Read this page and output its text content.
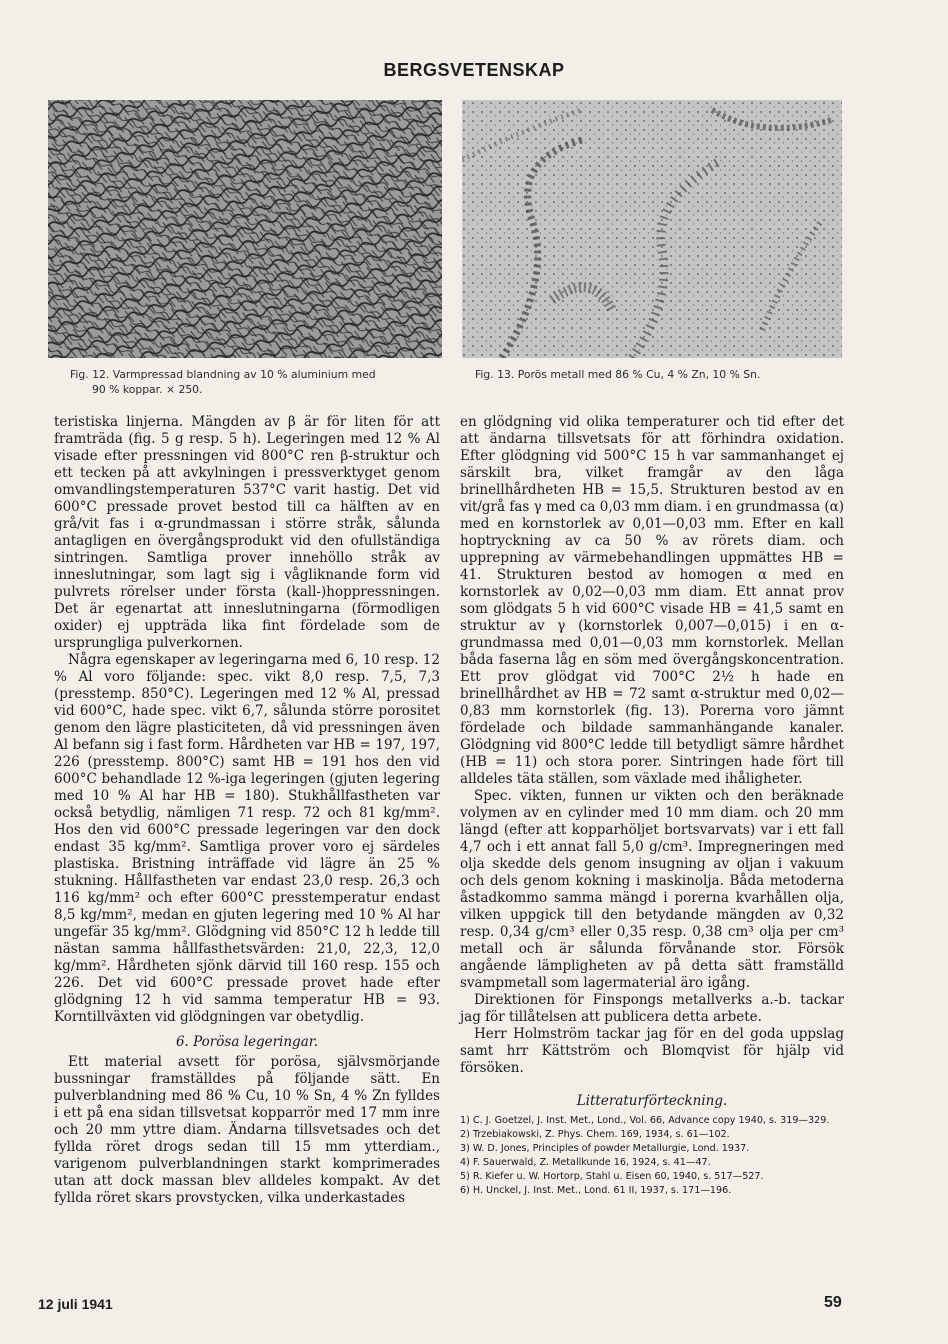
BERGSVETENSKAP
Fig. 12. Varmpressad blandning av 10 % aluminium med
90 % koppar. × 250.
Fig. 13. Porös metall med 86 % Cu, 4 % Zn, 10 % Sn.

teristiska linjerna. Mängden av β är för liten för att framträda (fig. 5 g resp. 5 h). Legeringen med 12 % Al visade efter pressningen vid 800°C ren β-struktur och ett tecken på att avkylningen i pressverktyget genom omvandlingstemperaturen 537°C varit hastig. Det vid 600°C pressade provet bestod till ca hälften av en grå/vit fas i α-grundmassan i större stråk, sålunda antagligen en övergångsprodukt vid den ofullständiga sintringen. Samtliga prover innehöllo stråk av inneslutningar, som lagt sig i vågliknande form vid pulvrets rörelser under första (kall-)hoppressningen. Det är egenartat att inneslutningarna (förmodligen oxider) ej uppträda lika fint fördelade som de ursprungliga pulverkornen.

Några egenskaper av legeringarna med 6, 10 resp. 12 % Al voro följande: spec. vikt 8,0 resp. 7,5, 7,3 (presstemp. 850°C). Legeringen med 12 % Al, pressad vid 600°C, hade spec. vikt 6,7, sålunda större porositet genom den lägre plasticiteten, då vid pressningen även Al befann sig i fast form. Hårdheten var HB = 197, 197, 226 (presstemp. 800°C) samt HB = 191 hos den vid 600°C behandlade 12 %-iga legeringen (gjuten legering med 10 % Al har HB = 180). Stukhållfastheten var också betydlig, nämligen 71 resp. 72 och 81 kg/mm². Hos den vid 600°C pressade legeringen var den dock endast 35 kg/mm². Samtliga prover voro ej särdeles plastiska. Bristning inträffade vid lägre än 25 % stukning. Hållfastheten var endast 23,0 resp. 26,3 och 116 kg/mm² och efter 600°C presstemperatur endast 8,5 kg/mm², medan en gjuten legering med 10 % Al har ungefär 35 kg/mm². Glödgning vid 850°C 12 h ledde till nästan samma hållfasthetsvärden: 21,0, 22,3, 12,0 kg/mm². Hårdheten sjönk därvid till 160 resp. 155 och 226. Det vid 600°C pressade provet hade efter glödgning 12 h vid samma temperatur HB = 93. Korntillväxten vid glödgningen var obetydlig.

6. Porösa legeringar.

Ett material avsett för porösa, självsmörjande bussningar framställdes på följande sätt. En pulverblandning med 86 % Cu, 10 % Sn, 4 % Zn fylldes i ett på ena sidan tillsvetsat kopparrör med 17 mm inre och 20 mm yttre diam. Ändarna tillsvetsades och det fyllda röret drogs sedan till 15 mm ytterdiam., varigenom pulverblandningen starkt komprimerades utan att dock massan blev alldeles kompakt. Av det fyllda röret skars provstycken, vilka underkastades

en glödgning vid olika temperaturer och tid efter det att ändarna tillsvetsats för att förhindra oxidation. Efter glödgning vid 500°C 15 h var sammanhanget ej särskilt bra, vilket framgår av den låga brinellhårdheten HB = 15,5. Strukturen bestod av en vit/grå fas γ med ca 0,03 mm diam. i en grundmassa (α) med en kornstorlek av 0,01—0,03 mm. Efter en kall hoptryckning av ca 50 % av rörets diam. och upprepning av värmebehandlingen uppmättes HB = 41. Strukturen bestod av homogen α med en kornstorlek av 0,02—0,03 mm diam. Ett annat prov som glödgats 5 h vid 600°C visade HB = 41,5 samt en struktur av γ (kornstorlek 0,007—0,015) i en α-grundmassa med 0,01—0,03 mm kornstorlek. Mellan båda faserna låg en söm med övergångskoncentration. Ett prov glödgat vid 700°C 2½ h hade en brinellhårdhet av HB = 72 samt α-struktur med 0,02—0,83 mm kornstorlek (fig. 13). Porerna voro jämnt fördelade och bildade sammanhängande kanaler. Glödgning vid 800°C ledde till betydligt sämre hårdhet (HB = 11) och stora porer. Sintringen hade fört till alldeles täta ställen, som växlade med ihåligheter.

Spec. vikten, funnen ur vikten och den beräknade volymen av en cylinder med 10 mm diam. och 20 mm längd (efter att kopparhöljet bortsvarvats) var i ett fall 4,7 och i ett annat fall 5,0 g/cm³. Impregneringen med olja skedde dels genom insugning av oljan i vakuum och dels genom kokning i maskinolja. Båda metoderna åstadkommo samma mängd i porerna kvarhållen olja, vilken uppgick till den betydande mängden av 0,32 resp. 0,34 g/cm³ eller 0,35 resp. 0,38 cm³ olja per cm³ metall och är sålunda förvånande stor. Försök angående lämpligheten av på detta sätt framställd svampmetall som lagermaterial äro igång.

Direktionen för Finspongs metallverks a.-b. tackar jag för tillåtelsen att publicera detta arbete.

Herr Holmström tackar jag för en del goda uppslag samt hrr Kättström och Blomqvist för hjälp vid försöken.

Litteraturförteckning.
1) C. J. Goetzel, J. Inst. Met., Lond., Vol. 66, Advance copy 1940, s. 319—329.
2) Trzebiakowski, Z. Phys. Chem. 169, 1934, s. 61—102.
3) W. D. Jones, Principles of powder Metallurgie, Lond. 1937.
4) F. Sauerwald, Z. Metallkunde 16, 1924, s. 41—47.
5) R. Kiefer u. W. Hortorp, Stahl u. Eisen 60, 1940, s. 517—527.
6) H. Unckel, J. Inst. Met., Lond. 61 II, 1937, s. 171—196.
12 juli 1941	59
